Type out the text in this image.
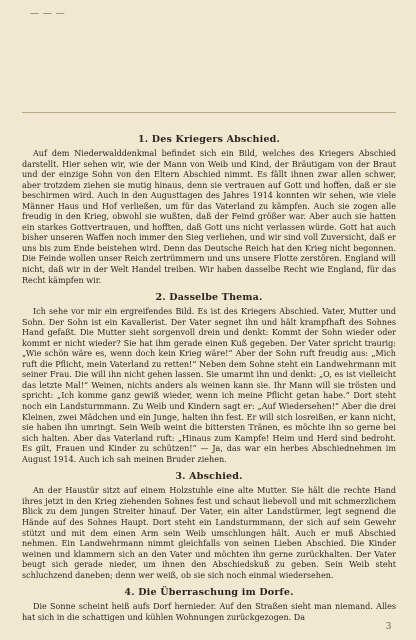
— — —
1. Des Kriegers Abschied.

Auf dem Niederwalddenkmal befindet sich ein Bild, welches des Kriegers Abschied darstellt. Hier sehen wir, wie der Mann von Weib und Kind, der Bräutigam von der Braut und der einzige Sohn von den Eltern Abschied nimmt. Es fällt ihnen zwar allen schwer, aber trotzdem ziehen sie mutig hinaus, denn sie vertrauen auf Gott und hoffen, daß er sie beschirmen wird. Auch in den Augusttagen des Jahres 1914 konnten wir sehen, wie viele Männer Haus und Hof verließen, um für das Vaterland zu kämpfen. Auch sie zogen alle freudig in den Krieg, obwohl sie wußten, daß der Feind größer war. Aber auch sie hatten ein starkes Gottvertrauen, und hofften, daß Gott uns nicht verlassen würde. Gott hat auch bisher unseren Waffen noch immer den Sieg verliehen, und wir sind voll Zuversicht, daß er uns bis zum Ende beistehen wird. Denn das Deutsche Reich hat den Krieg nicht begonnen. Die Feinde wollen unser Reich zertrümmern und uns unsere Flotte zerstören. England will nicht, daß wir in der Welt Handel treiben. Wir haben dasselbe Recht wie England, für das Recht kämpfen wir.

2. Dasselbe Thema.

Ich sehe vor mir ein ergreifendes Bild. Es ist des Kriegers Abschied. Vater, Mutter und Sohn. Der Sohn ist ein Kavallerist. Der Vater segnet ihn und hält krampfhaft des Sohnes Hand gefaßt. Die Mutter sieht sorgenvoll drein und denkt: Kommt der Sohn wieder oder kommt er nicht wieder? Sie hat ihm gerade einen Kuß gegeben. Der Vater spricht traurig: „Wie schön wäre es, wenn doch kein Krieg wäre!“ Aber der Sohn ruft freudig aus: „Mich ruft die Pflicht, mein Vaterland zu retten!“ Neben dem Sohne steht ein Landwehrmann mit seiner Frau. Die will ihn nicht gehen lassen. Sie umarmt ihn und denkt: „O, es ist vielleicht das letzte Mal!“ Weinen, nichts anders als weinen kann sie. Ihr Mann will sie trösten und spricht: „Ich komme ganz gewiß wieder, wenn ich meine Pflicht getan habe.“ Dort steht noch ein Landsturmmann. Zu Weib und Kindern sagt er: „Auf Wiedersehen!“ Aber die drei Kleinen, zwei Mädchen und ein Junge, halten ihn fest. Er will sich losreißen, er kann nicht, sie haben ihn umringt. Sein Weib weint die bittersten Tränen, es möchte ihn so gerne bei sich halten. Aber das Vaterland ruft: „Hinaus zum Kampfe! Heim und Herd sind bedroht. Es gilt, Frauen und Kinder zu schützen!“ — Ja, das war ein herbes Abschiednehmen im August 1914. Auch ich sah meinen Bruder ziehen.

3. Abschied.

An der Haustür sitzt auf einem Holzstuhle eine alte Mutter. Sie hält die rechte Hand ihres jetzt in den Krieg ziehenden Sohnes fest und schaut liebevoll und mit schmerzlichem Blick zu dem jungen Streiter hinauf. Der Vater, ein alter Landstürmer, legt segnend die Hände auf des Sohnes Haupt. Dort steht ein Landsturmmann, der sich auf sein Gewehr stützt und mit dem einen Arm sein Weib umschlungen hält. Auch er muß Abschied nehmen. Ein Landwehrmann nimmt gleichfalls von seinen Lieben Abschied. Die Kinder weinen und klammern sich an den Vater und möchten ihn gerne zurückhalten. Der Vater beugt sich gerade nieder, um ihnen den Abschiedskuß zu geben. Sein Weib steht schluchzend daneben; denn wer weiß, ob sie sich noch einmal wiedersehen.

4. Die Überraschung im Dorfe.

Die Sonne scheint heiß aufs Dorf hernieder. Auf den Straßen sieht man niemand. Alles hat sich in die schattigen und kühlen Wohnungen zurückgezogen. Da

3
